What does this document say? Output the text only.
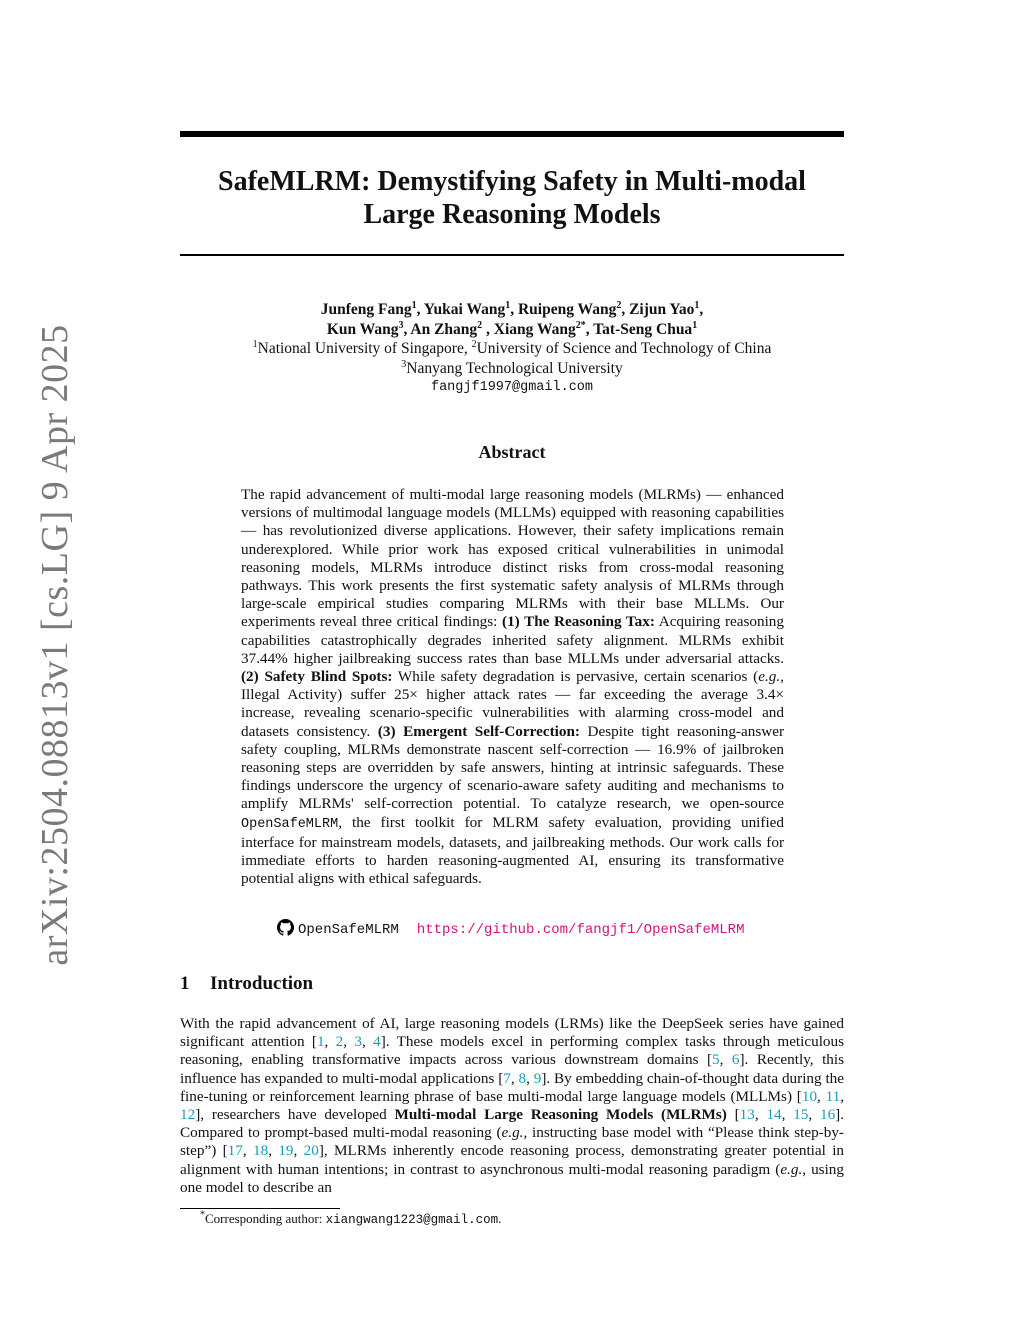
arXiv:2504.08813v1 [cs.LG] 9 Apr 2025
SafeMLRM: Demystifying Safety in Multi-modal Large Reasoning Models
Junfeng Fang$^1$, Yukai Wang$^1$, Ruipeng Wang$^2$, Zijun Yao$^1$,
Kun Wang$^3$, An Zhang$^2$ , Xiang Wang$^{2*}$, Tat-Seng Chua$^1$
$^1$National University of Singapore, $^2$University of Science and Technology of China
$^3$Nanyang Technological University
fangjf1997@gmail.com
Abstract
The rapid advancement of multi-modal large reasoning models (MLRMs) — enhanced versions of multimodal language models (MLLMs) equipped with reasoning capabilities — has revolutionized diverse applications. However, their safety implications remain underexplored. While prior work has exposed critical vulnerabilities in unimodal reasoning models, MLRMs introduce distinct risks from cross-modal reasoning pathways. This work presents the first systematic safety analysis of MLRMs through large-scale empirical studies comparing MLRMs with their base MLLMs. Our experiments reveal three critical findings: (1) The Reasoning Tax: Acquiring reasoning capabilities catastrophically degrades inherited safety alignment. MLRMs exhibit 37.44% higher jailbreaking success rates than base MLLMs under adversarial attacks. (2) Safety Blind Spots: While safety degradation is pervasive, certain scenarios (e.g., Illegal Activity) suffer 25× higher attack rates — far exceeding the average 3.4× increase, revealing scenario-specific vulnerabilities with alarming cross-model and datasets consistency. (3) Emergent Self-Correction: Despite tight reasoning-answer safety coupling, MLRMs demonstrate nascent self-correction — 16.9% of jailbroken reasoning steps are overridden by safe answers, hinting at intrinsic safeguards. These findings underscore the urgency of scenario-aware safety auditing and mechanisms to amplify MLRMs' self-correction potential. To catalyze research, we open-source OpenSafeMLRM, the first toolkit for MLRM safety evaluation, providing unified interface for mainstream models, datasets, and jailbreaking methods. Our work calls for immediate efforts to harden reasoning-augmented AI, ensuring its transformative potential aligns with ethical safeguards.
OpenSafeMLRM https://github.com/fangjf1/OpenSafeMLRM
1 Introduction
With the rapid advancement of AI, large reasoning models (LRMs) like the DeepSeek series have gained significant attention [1, 2, 3, 4]. These models excel in performing complex tasks through meticulous reasoning, enabling transformative impacts across various downstream domains [5, 6]. Recently, this influence has expanded to multi-modal applications [7, 8, 9]. By embedding chain-of-thought data during the fine-tuning or reinforcement learning phrase of base multi-modal large language models (MLLMs) [10, 11, 12], researchers have developed Multi-modal Large Reasoning Models (MLRMs) [13, 14, 15, 16]. Compared to prompt-based multi-modal reasoning (e.g., instructing base model with “Please think step-by-step”) [17, 18, 19, 20], MLRMs inherently encode reasoning process, demonstrating greater potential in alignment with human intentions; in contrast to asynchronous multi-modal reasoning paradigm (e.g., using one model to describe an
*Corresponding author: xiangwang1223@gmail.com.
